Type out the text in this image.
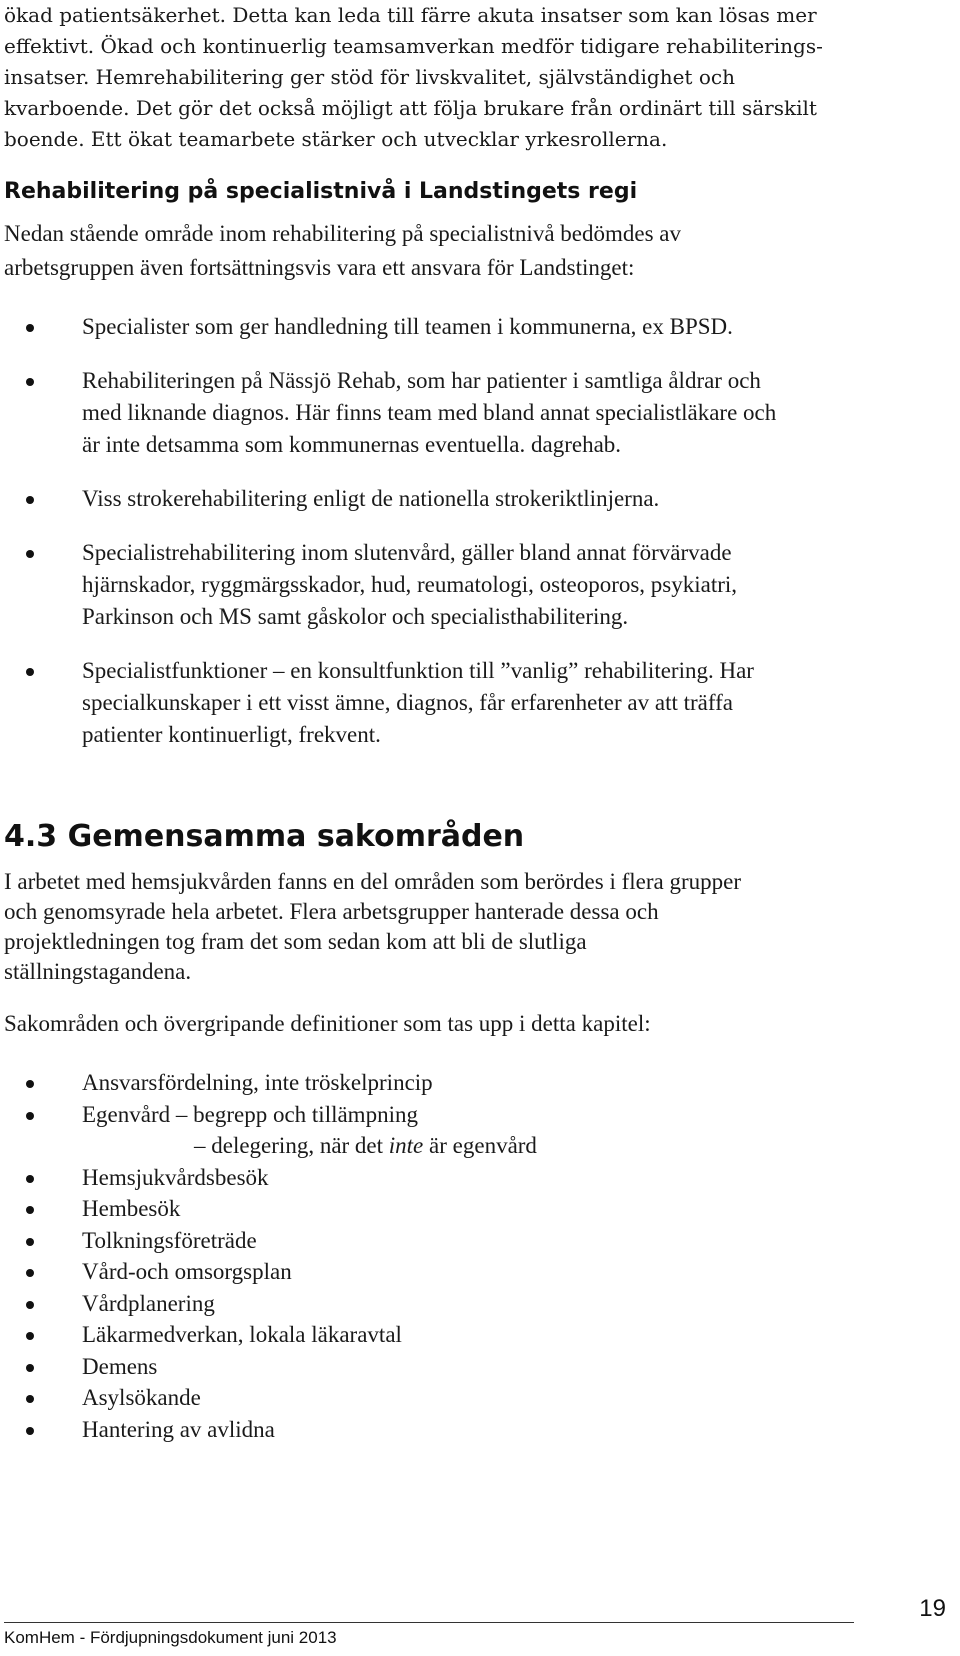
ökad patientsäkerhet. Detta kan leda till färre akuta insatser som kan lösas mer
effektivt. Ökad och kontinuerlig teamsamverkan medför tidigare rehabiliterings-
insatser. Hemrehabilitering ger stöd för livskvalitet, självständighet och
kvarboende. Det gör det också möjligt att följa brukare från ordinärt till särskilt
boende. Ett ökat teamarbete stärker och utvecklar yrkesrollerna.
Rehabilitering på specialistnivå i Landstingets regi
Nedan stående område inom rehabilitering på specialistnivå bedömdes av
arbetsgruppen även fortsättningsvis vara ett ansvara för Landstinget:
Specialister som ger handledning till teamen i kommunerna, ex BPSD.
Rehabiliteringen på Nässjö Rehab, som har patienter i samtliga åldrar och
med liknande diagnos. Här finns team med bland annat specialistläkare och
är inte detsamma som kommunernas eventuella. dagrehab.
Viss strokerehabilitering enligt de nationella strokeriktlinjerna.
Specialistrehabilitering inom slutenvård, gäller bland annat förvärvade
hjärnskador, ryggmärgsskador, hud, reumatologi, osteoporos, psykiatri,
Parkinson och MS samt gåskolor och specialisthabilitering.
Specialistfunktioner – en konsultfunktion till ”vanlig” rehabilitering. Har
specialkunskaper i ett visst ämne, diagnos, får erfarenheter av att träffa
patienter kontinuerligt, frekvent.
4.3 Gemensamma sakområden
I arbetet med hemsjukvården fanns en del områden som berördes i flera grupper
och genomsyrade hela arbetet. Flera arbetsgrupper hanterade dessa och
projektledningen tog fram det som sedan kom att bli de slutliga
ställningstagandena.
Sakområden och övergripande definitioner som tas upp i detta kapitel:
Ansvarsfördelning, inte tröskelprincip
Egenvård – begrepp och tillämpning
– delegering, när det inte är egenvård
Hemsjukvårdsbesök
Hembesök
Tolkningsföreträde
Vård-och omsorgsplan
Vårdplanering
Läkarmedverkan, lokala läkaravtal
Demens
Asylsökande
Hantering av avlidna
19
KomHem - Fördjupningsdokument juni 2013
